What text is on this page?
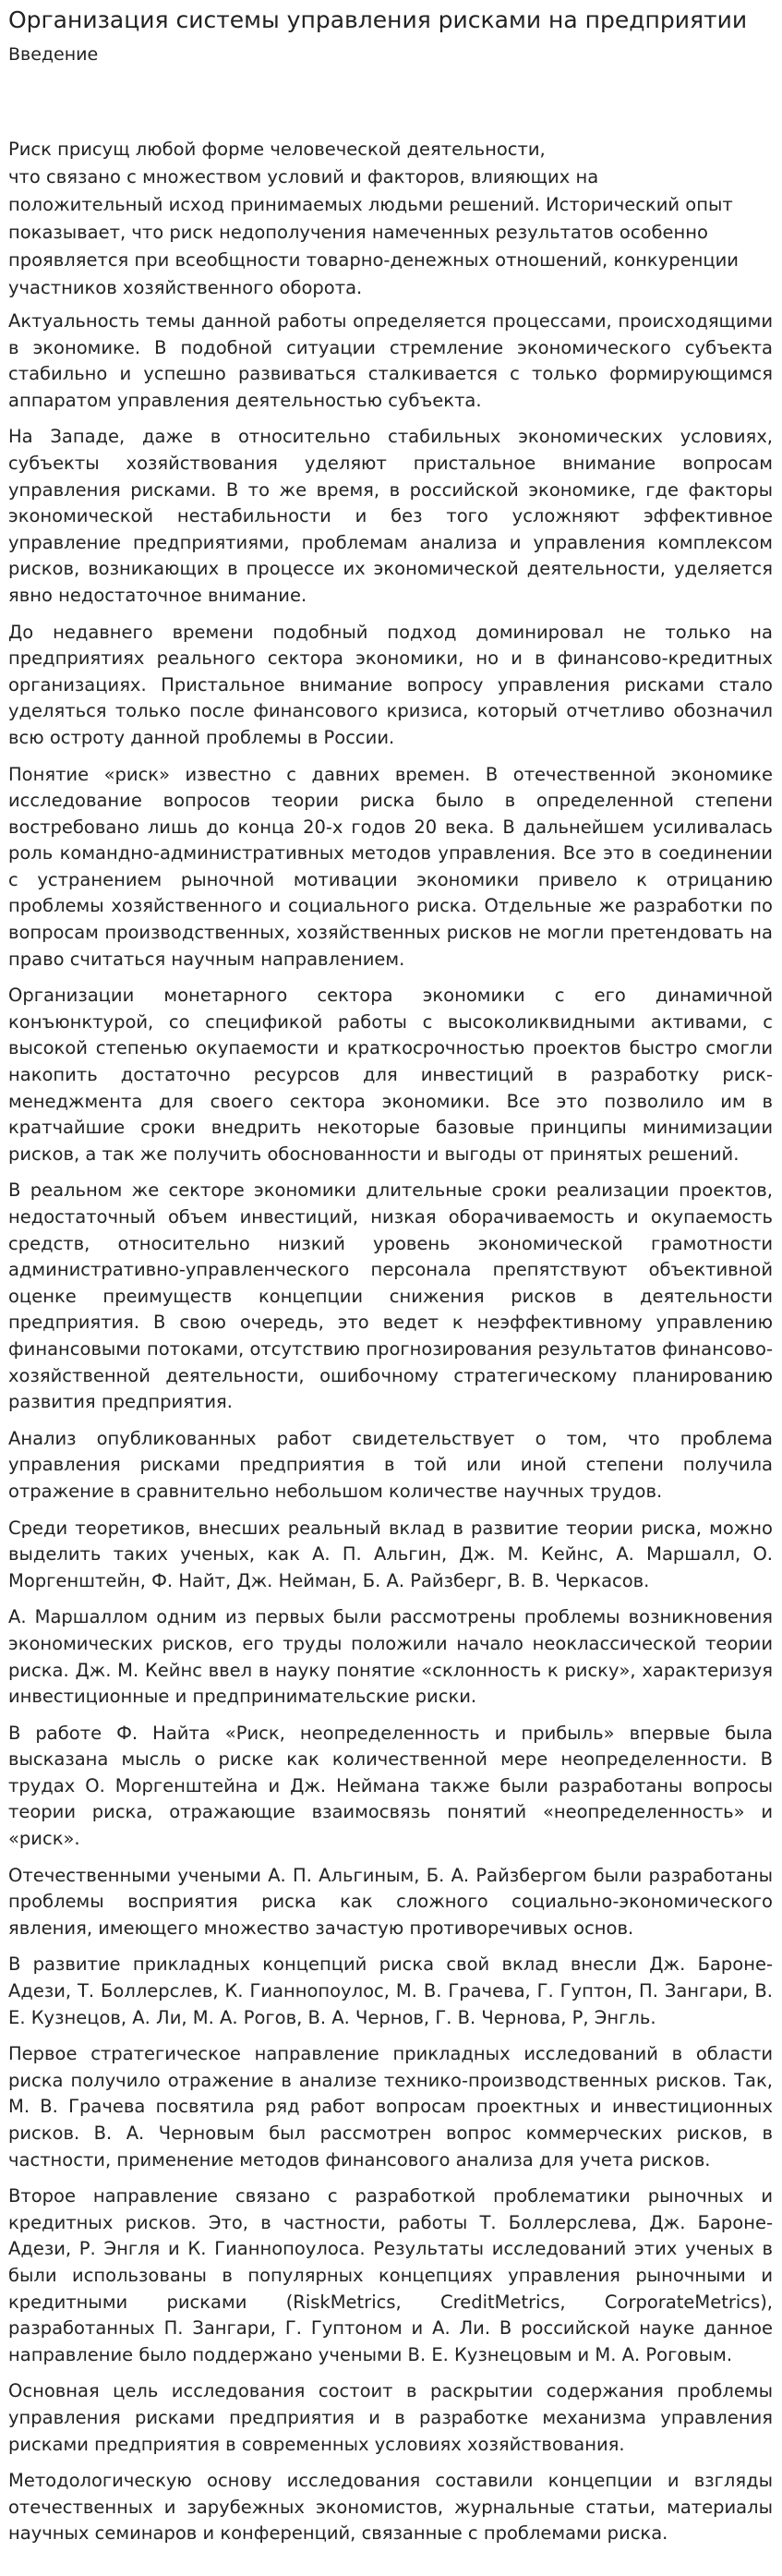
Организация системы управления рисками на предприятии
Введение

Риск присущ любой форме человеческой деятельности,
что связано с множеством условий и факторов, влияющих на
положительный исход принимаемых людьми решений. Исторический опыт
показывает, что риск недополучения намеченных результатов особенно
проявляется при всеобщности товарно-денежных отношений, конкуренции
участников хозяйственного оборота.

Актуальность темы данной работы определяется процессами, происходящими в экономике. В подобной ситуации стремление экономического субъекта стабильно и успешно развиваться сталкивается с только формирующимся аппаратом управления деятельностью субъекта.

На Западе, даже в относительно стабильных экономических условиях, субъекты хозяйствования уделяют пристальное внимание вопросам управления рисками. В то же время, в российской экономике, где факторы экономической нестабильности и без того усложняют эффективное управление предприятиями, проблемам анализа и управления комплексом рисков, возникающих в процессе их экономической деятельности, уделяется явно недостаточное внимание.

До недавнего времени подобный подход доминировал не только на предприятиях реального сектора экономики, но и в финансово-кредитных организациях. Пристальное внимание вопросу управления рисками стало уделяться только после финансового кризиса, который отчетливо обозначил всю остроту данной проблемы в России.

Понятие «риск» известно с давних времен. В отечественной экономике исследование вопросов теории риска было в определенной степени востребовано лишь до конца 20-х годов 20 века. В дальнейшем усиливалась роль командно-административных методов управления. Все это в соединении с устранением рыночной мотивации экономики привело к отрицанию проблемы хозяйственного и социального риска. Отдельные же разработки по вопросам производственных, хозяйственных рисков не могли претендовать на право считаться научным направлением.

Организации монетарного сектора экономики с его динамичной конъюнктурой, со спецификой работы с высоколиквидными активами, с высокой степенью окупаемости и краткосрочностью проектов быстро смогли накопить достаточно ресурсов для инвестиций в разработку риск-менеджмента для своего сектора экономики. Все это позволило им в кратчайшие сроки внедрить некоторые базовые принципы минимизации рисков, а так же получить обоснованности и выгоды от принятых решений.

В реальном же секторе экономики длительные сроки реализации проектов, недостаточный объем инвестиций, низкая оборачиваемость и окупаемость средств, относительно низкий уровень экономической грамотности административно-управленческого персонала препятствуют объективной оценке преимуществ концепции снижения рисков в деятельности предприятия. В свою очередь, это ведет к неэффективному управлению финансовыми потоками, отсутствию прогнозирования результатов финансово-хозяйственной деятельности, ошибочному стратегическому планированию развития предприятия.

Анализ опубликованных работ свидетельствует о том, что проблема управления рисками предприятия в той или иной степени получила отражение в сравнительно небольшом количестве научных трудов.

Среди теоретиков, внесших реальный вклад в развитие теории риска, можно выделить таких ученых, как А. П. Альгин, Дж. М. Кейнс, А. Маршалл, О. Моргенштейн, Ф. Найт, Дж. Нейман, Б. А. Райзберг, В. В. Черкасов.

А. Маршаллом одним из первых были рассмотрены проблемы возникновения экономических рисков, его труды положили начало неоклассической теории риска. Дж. М. Кейнс ввел в науку понятие «склонность к риску», характеризуя инвестиционные и предпринимательские риски.

В работе Ф. Найта «Риск, неопределенность и прибыль» впервые была высказана мысль о риске как количественной мере неопределенности. В трудах О. Моргенштейна и Дж. Неймана также были разработаны вопросы теории риска, отражающие взаимосвязь понятий «неопределенность» и «риск».

Отечественными учеными А. П. Альгиным, Б. А. Райзбергом были разработаны проблемы восприятия риска как сложного социально-экономического явления, имеющего множество зачастую противоречивых основ.

В развитие прикладных концепций риска свой вклад внесли Дж. Бароне-Адези, Т. Боллерслев, К. Гианнопоулос, М. В. Грачева, Г. Гуптон, П. Зангари, В. Е. Кузнецов, А. Ли, М. А. Рогов, В. А. Чернов, Г. В. Чернова, Р, Энгль.

Первое стратегическое направление прикладных исследований в области риска получило отражение в анализе технико-производственных рисков. Так, М. В. Грачева посвятила ряд работ вопросам проектных и инвестиционных рисков. В. А. Черновым был рассмотрен вопрос коммерческих рисков, в частности, применение методов финансового анализа для учета рисков.

Второе направление связано с разработкой проблематики рыночных и кредитных рисков. Это, в частности, работы Т. Боллерслева, Дж. Бароне-Адези, Р. Энгля и К. Гианнопоулоса. Результаты исследований этих ученых в были использованы в популярных концепциях управления рыночными и кредитными рисками (RiskMetrics, CreditMetrics, CorporateMetrics), разработанных П. Зангари, Г. Гуптоном и А. Ли. В российской науке данное направление было поддержано учеными В. Е. Кузнецовым и М. А. Роговым.

Основная цель исследования состоит в раскрытии содержания проблемы управления рисками предприятия и в разработке механизма управления рисками предприятия в современных условиях хозяйствования.

Методологическую основу исследования составили концепции и взгляды отечественных и зарубежных экономистов, журнальные статьи, материалы научных семинаров и конференций, связанные с проблемами риска.
